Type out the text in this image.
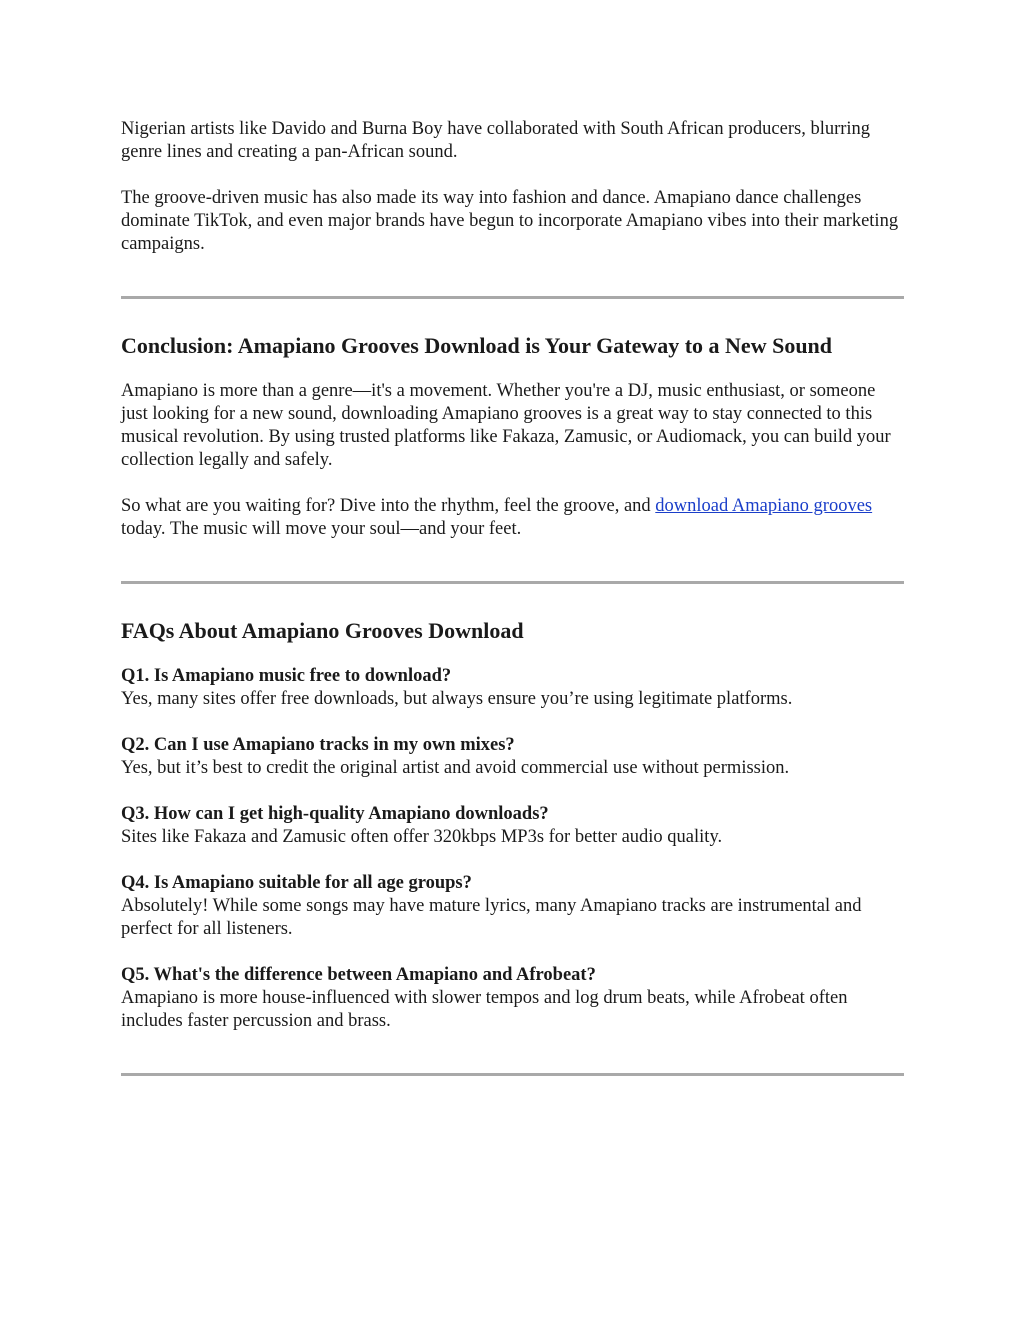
Nigerian artists like Davido and Burna Boy have collaborated with South African producers, blurring genre lines and creating a pan-African sound.

The groove-driven music has also made its way into fashion and dance. Amapiano dance challenges dominate TikTok, and even major brands have begun to incorporate Amapiano vibes into their marketing campaigns.

Conclusion: Amapiano Grooves Download is Your Gateway to a New Sound

Amapiano is more than a genre—it's a movement. Whether you're a DJ, music enthusiast, or someone just looking for a new sound, downloading Amapiano grooves is a great way to stay connected to this musical revolution. By using trusted platforms like Fakaza, Zamusic, or Audiomack, you can build your collection legally and safely.

So what are you waiting for? Dive into the rhythm, feel the groove, and download Amapiano grooves today. The music will move your soul—and your feet.

FAQs About Amapiano Grooves Download

Q1. Is Amapiano music free to download?
Yes, many sites offer free downloads, but always ensure you’re using legitimate platforms.

Q2. Can I use Amapiano tracks in my own mixes?
Yes, but it’s best to credit the original artist and avoid commercial use without permission.

Q3. How can I get high-quality Amapiano downloads?
Sites like Fakaza and Zamusic often offer 320kbps MP3s for better audio quality.

Q4. Is Amapiano suitable for all age groups?
Absolutely! While some songs may have mature lyrics, many Amapiano tracks are instrumental and perfect for all listeners.

Q5. What's the difference between Amapiano and Afrobeat?
Amapiano is more house-influenced with slower tempos and log drum beats, while Afrobeat often includes faster percussion and brass.
